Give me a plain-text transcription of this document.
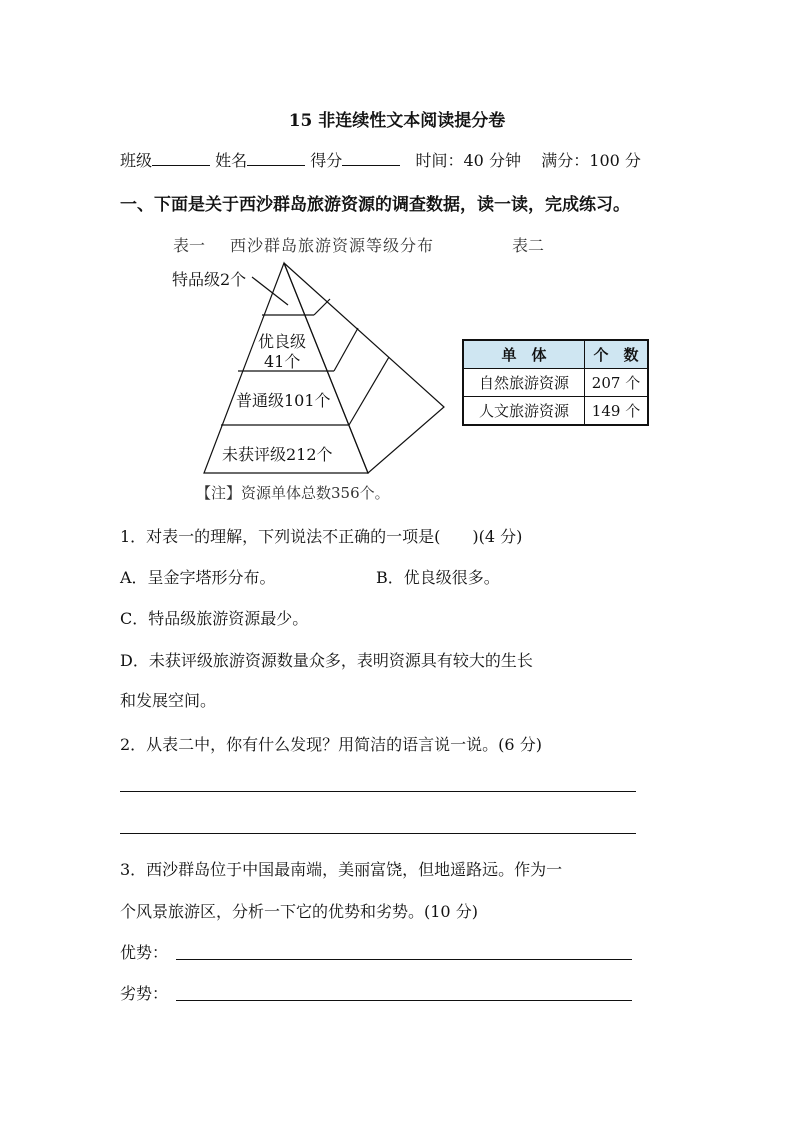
15 非连续性文本阅读提分卷
班级	姓名	得分	时间：40 分钟 满分：100 分
一、下面是关于西沙群岛旅游资源的调查数据，读一读，完成练习。
表一 西沙群岛旅游资源等级分布	表二
特品级2个
优良级
41个
普通级101个
未获评级212个
单　体	个　数
自然旅游资源	207 个
人文旅游资源	149 个
【注】资源单体总数356个。
1．对表一的理解，下列说法不正确的一项是(　　)(4 分)
A．呈金字塔形分布。	B．优良级很多。
C．特品级旅游资源最少。
D．未获评级旅游资源数量众多，表明资源具有较大的生长
和发展空间。
2．从表二中，你有什么发现？用简洁的语言说一说。(6 分)
3．西沙群岛位于中国最南端，美丽富饶，但地遥路远。作为一
个风景旅游区，分析一下它的优势和劣势。(10 分)
优势：
劣势：
